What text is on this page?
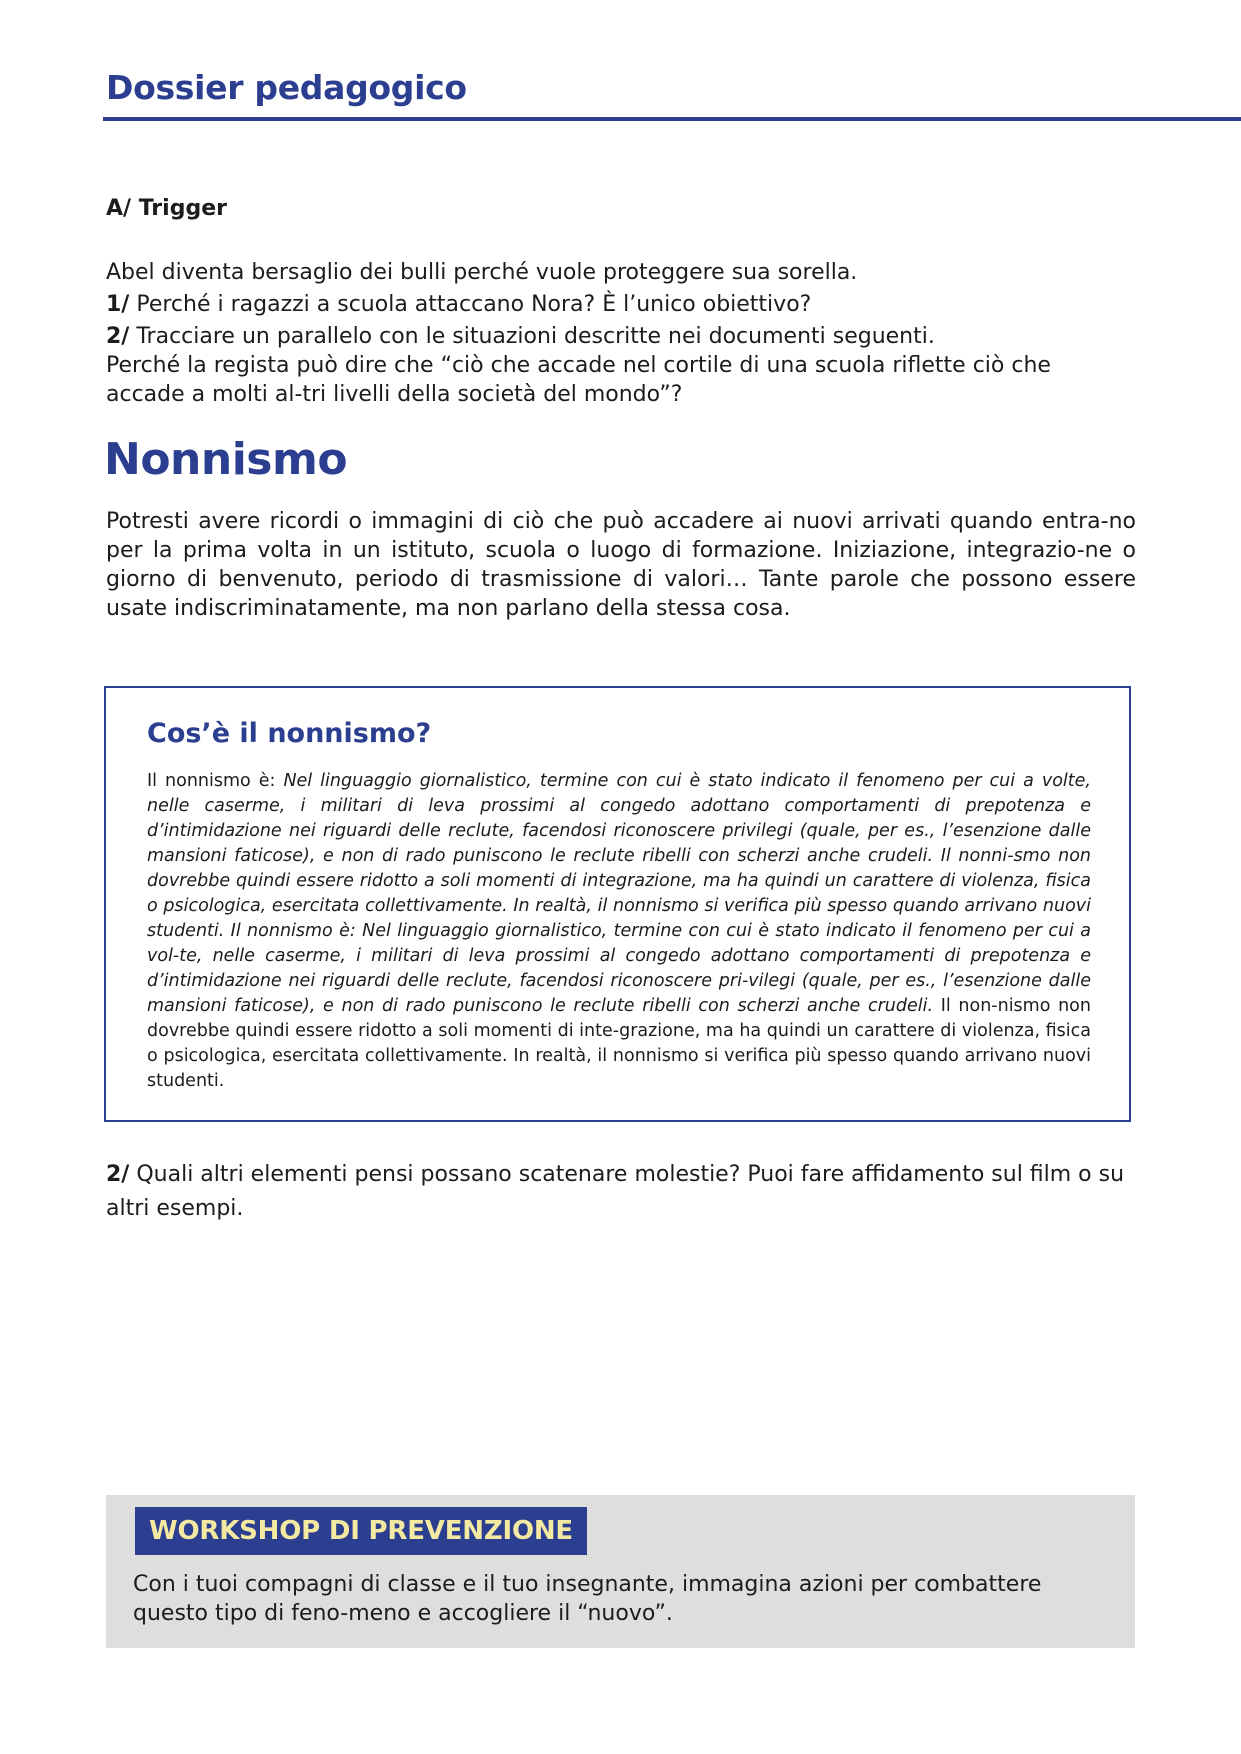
Dossier pedagogico
A/ Trigger

Abel diventa bersaglio dei bulli perché vuole proteggere sua sorella.

1/ Perché i ragazzi a scuola attaccano Nora? È l’unico obiettivo?

2/ Tracciare un parallelo con le situazioni descritte nei documenti seguenti.

Perché la regista può dire che “ciò che accade nel cortile di una scuola riflette ciò che accade a molti al-tri livelli della società del mondo”?

Nonnismo

Potresti avere ricordi o immagini di ciò che può accadere ai nuovi arrivati quando entra-no per la prima volta in un istituto, scuola o luogo di formazione. Iniziazione, integrazio-ne o giorno di benvenuto, periodo di trasmissione di valori… Tante parole che possono essere usate indiscriminatamente, ma non parlano della stessa cosa.

Cos’è il nonnismo?

Il nonnismo è: Nel linguaggio giornalistico, termine con cui è stato indicato il fenomeno per cui a volte, nelle caserme, i militari di leva prossimi al congedo adottano comportamenti di prepotenza e d’intimidazione nei riguardi delle reclute, facendosi riconoscere privilegi (quale, per es., l’esenzione dalle mansioni faticose), e non di rado puniscono le reclute ribelli con scherzi anche crudeli. Il nonni-smo non dovrebbe quindi essere ridotto a soli momenti di integrazione, ma ha quindi un carattere di violenza, fisica o psicologica, esercitata collettivamente. In realtà, il nonnismo si verifica più spesso quando arrivano nuovi studenti. Il nonnismo è: Nel linguaggio giornalistico, termine con cui è stato indicato il fenomeno per cui a vol-te, nelle caserme, i militari di leva prossimi al congedo adottano comportamenti di prepotenza e d’intimidazione nei riguardi delle reclute, facendosi riconoscere pri-vilegi (quale, per es., l’esenzione dalle mansioni faticose), e non di rado puniscono le reclute ribelli con scherzi anche crudeli. Il non-nismo non dovrebbe quindi essere ridotto a soli momenti di inte-grazione, ma ha quindi un carattere di violenza, fisica o psicologica, esercitata collettivamente. In realtà, il nonnismo si verifica più spesso quando arrivano nuovi studenti.

2/ Quali altri elementi pensi possano scatenare molestie? Puoi fare affidamento sul film o su altri esempi.

WORKSHOP DI PREVENZIONE

Con i tuoi compagni di classe e il tuo insegnante, immagina azioni per combattere questo tipo di feno-meno e accogliere il “nuovo”.
